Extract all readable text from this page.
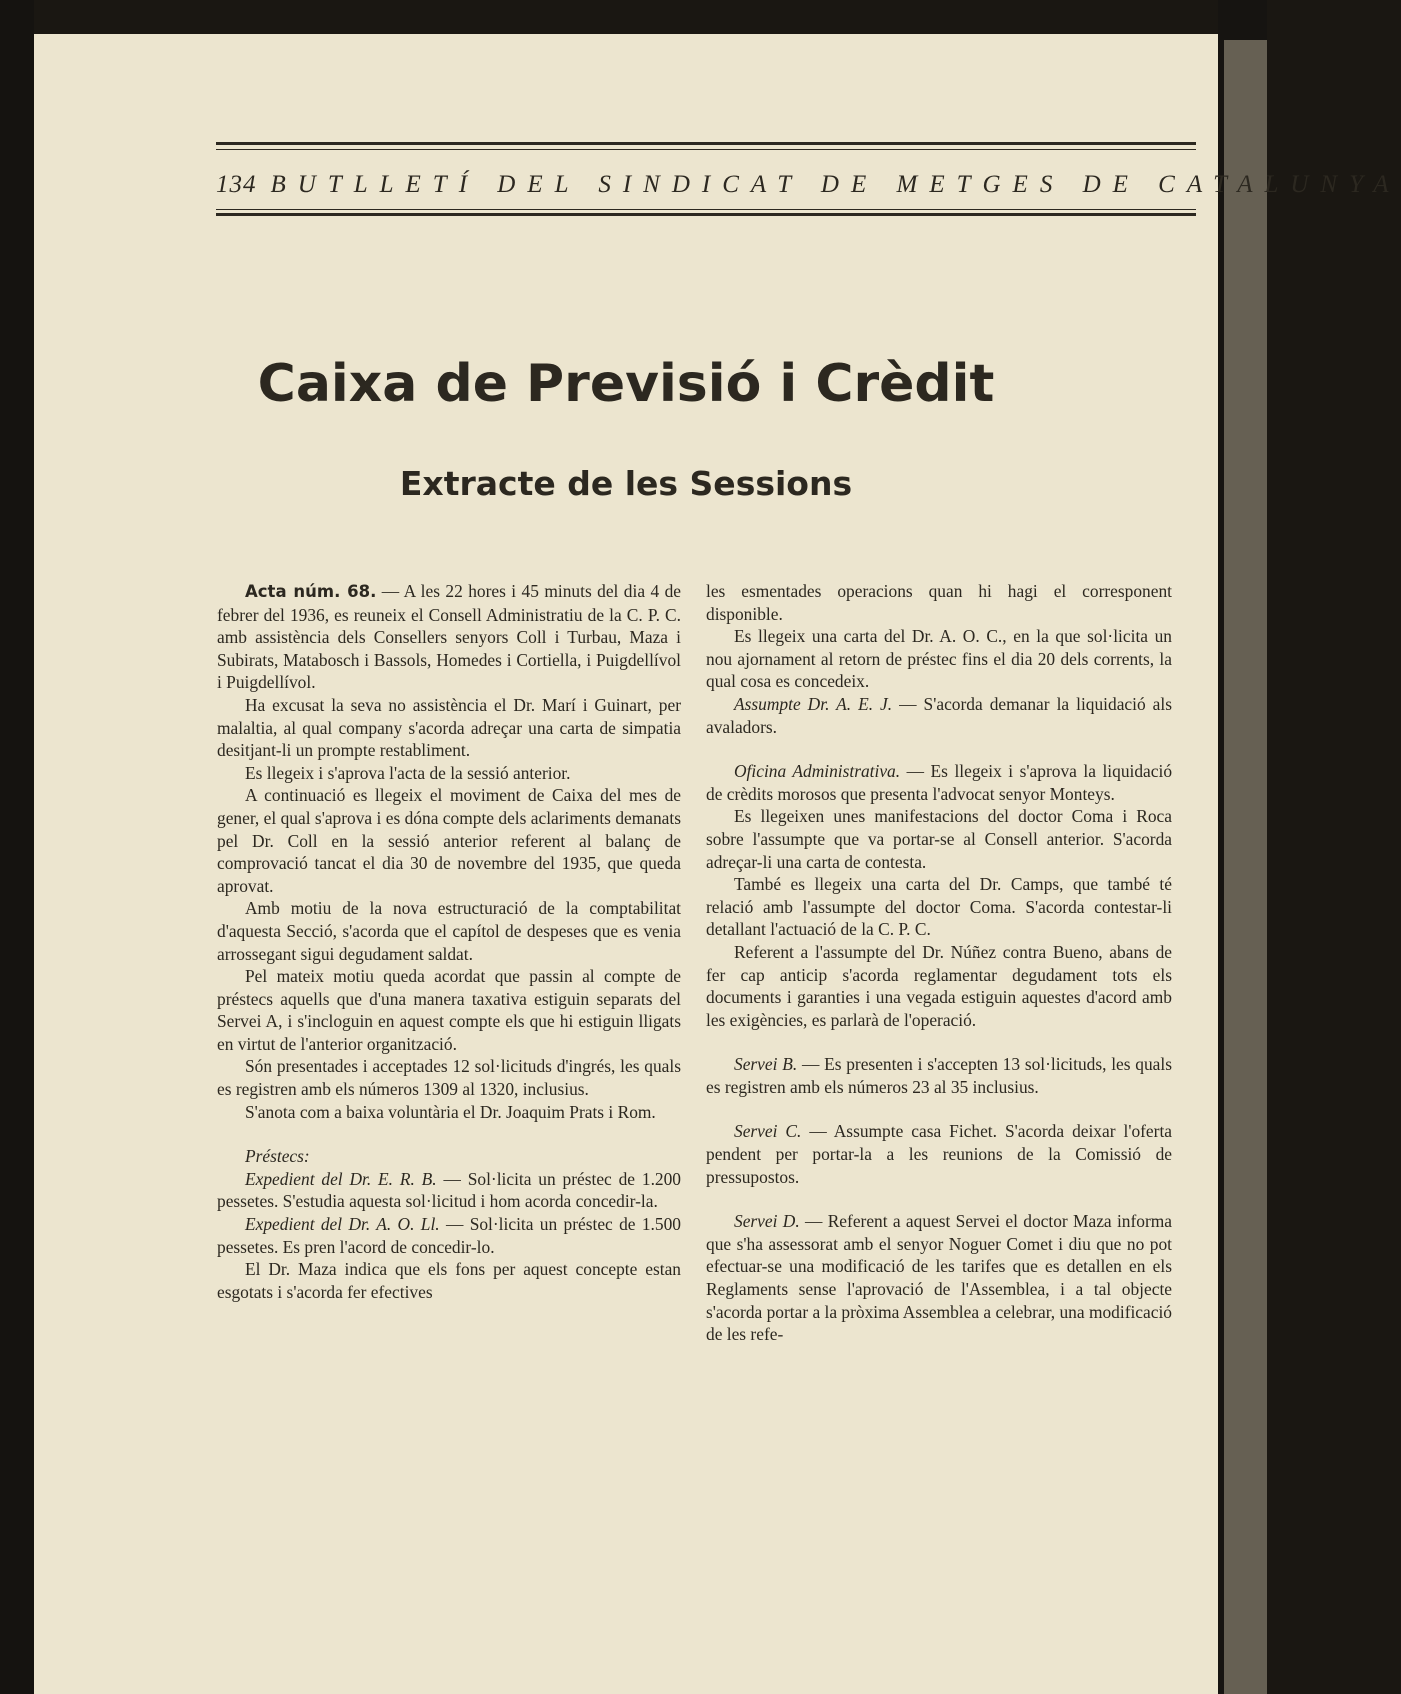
134 BUTLLETÍ DEL SINDICAT DE METGES DE CATALUNYA
Caixa de Previsió i Crèdit
Extracte de les Sessions

Acta núm. 68. — A les 22 hores i 45 minuts del dia 4 de febrer del 1936, es reuneix el Consell Administratiu de la C. P. C. amb assistència dels Consellers senyors Coll i Turbau, Maza i Subirats, Matabosch i Bassols, Homedes i Cortiella, i Puigdellívol i Puigdellívol.

Ha excusat la seva no assistència el Dr. Marí i Guinart, per malaltia, al qual company s'acorda adreçar una carta de simpatia desitjant-li un prompte restabliment.

Es llegeix i s'aprova l'acta de la sessió anterior.

A continuació es llegeix el moviment de Caixa del mes de gener, el qual s'aprova i es dóna compte dels aclariments demanats pel Dr. Coll en la sessió anterior referent al balanç de comprovació tancat el dia 30 de novembre del 1935, que queda aprovat.

Amb motiu de la nova estructuració de la comptabilitat d'aquesta Secció, s'acorda que el capítol de despeses que es venia arrossegant sigui degudament saldat.

Pel mateix motiu queda acordat que passin al compte de préstecs aquells que d'una manera taxativa estiguin separats del Servei A, i s'incloguin en aquest compte els que hi estiguin lligats en virtut de l'anterior organització.

Són presentades i acceptades 12 sol·licituds d'ingrés, les quals es registren amb els números 1309 al 1320, inclusius.

S'anota com a baixa voluntària el Dr. Joaquim Prats i Rom.

Préstecs:

Expedient del Dr. E. R. B. — Sol·licita un préstec de 1.200 pessetes. S'estudia aquesta sol·licitud i hom acorda concedir-la.

Expedient del Dr. A. O. Ll. — Sol·licita un préstec de 1.500 pessetes. Es pren l'acord de concedir-lo.

El Dr. Maza indica que els fons per aquest concepte estan esgotats i s'acorda fer efectives

les esmentades operacions quan hi hagi el corresponent disponible.

Es llegeix una carta del Dr. A. O. C., en la que sol·licita un nou ajornament al retorn de préstec fins el dia 20 dels corrents, la qual cosa es concedeix.

Assumpte Dr. A. E. J. — S'acorda demanar la liquidació als avaladors.

Oficina Administrativa. — Es llegeix i s'aprova la liquidació de crèdits morosos que presenta l'advocat senyor Monteys.

Es llegeixen unes manifestacions del doctor Coma i Roca sobre l'assumpte que va portar-se al Consell anterior. S'acorda adreçar-li una carta de contesta.

També es llegeix una carta del Dr. Camps, que també té relació amb l'assumpte del doctor Coma. S'acorda contestar-li detallant l'actuació de la C. P. C.

Referent a l'assumpte del Dr. Núñez contra Bueno, abans de fer cap anticip s'acorda reglamentar degudament tots els documents i garanties i una vegada estiguin aquestes d'acord amb les exigències, es parlarà de l'operació.

Servei B. — Es presenten i s'accepten 13 sol·licituds, les quals es registren amb els números 23 al 35 inclusius.

Servei C. — Assumpte casa Fichet. S'acorda deixar l'oferta pendent per portar-la a les reunions de la Comissió de pressupostos.

Servei D. — Referent a aquest Servei el doctor Maza informa que s'ha assessorat amb el senyor Noguer Comet i diu que no pot efectuar-se una modificació de les tarifes que es detallen en els Reglaments sense l'aprovació de l'Assemblea, i a tal objecte s'acorda portar a la pròxima Assemblea a celebrar, una modificació de les refe-
